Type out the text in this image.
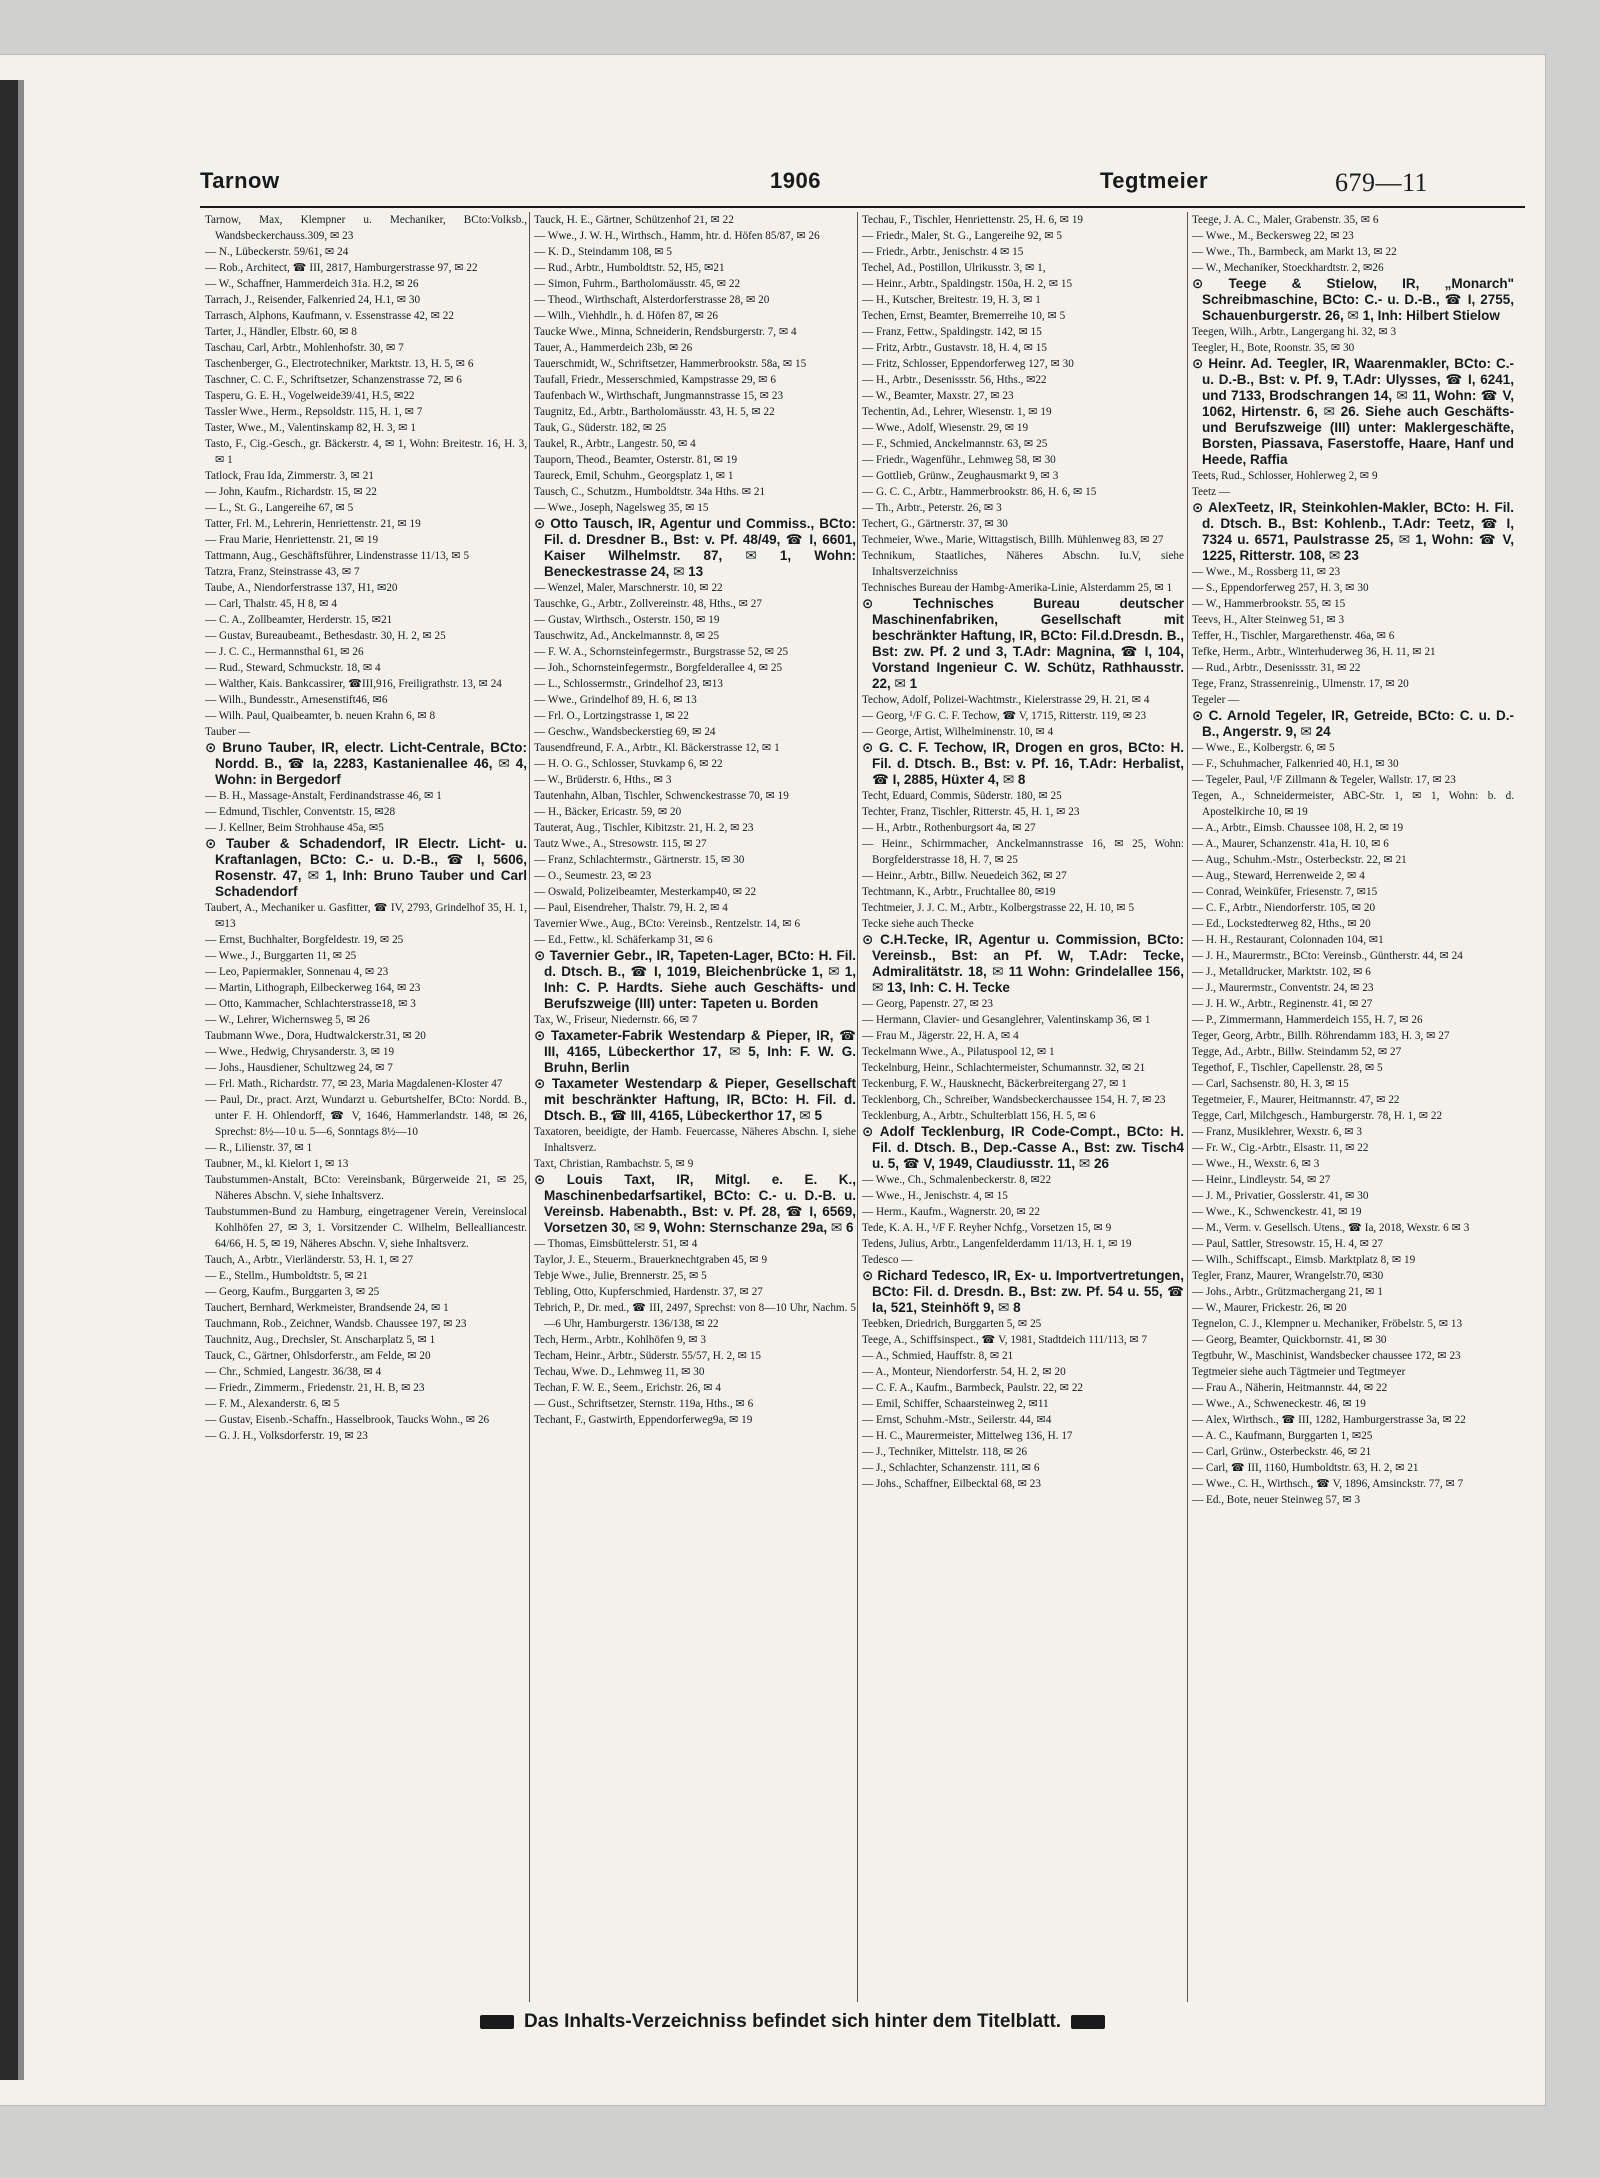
Tarnow	1906	Tegtmeier	679—11

Tarnow, Max, Klempner u. Mechaniker, BCto:Volksb., Wandsbeckerchauss.309, ✉ 23

— N., Lübeckerstr. 59/61, ✉ 24

— Rob., Architect, ☎ III, 2817, Hamburgerstrasse 97, ✉ 22

— W., Schaffner, Hammerdeich 31a. H.2, ✉ 26

Tarrach, J., Reisender, Falkenried 24, H.1, ✉ 30

Tarrasch, Alphons, Kaufmann, v. Essenstrasse 42, ✉ 22

Tarter, J., Händler, Elbstr. 60, ✉ 8

Taschau, Carl, Arbtr., Mohlenhofstr. 30, ✉ 7

Taschenberger, G., Electrotechniker, Marktstr. 13, H. 5, ✉ 6

Taschner, C. C. F., Schriftsetzer, Schanzenstrasse 72, ✉ 6

Tasperu, G. E. H., Vogelweide39/41, H.5, ✉22

Tassler Wwe., Herm., Repsoldstr. 115, H. 1, ✉ 7

Taster, Wwe., M., Valentinskamp 82, H. 3, ✉ 1

Tasto, F., Cig.-Gesch., gr. Bäckerstr. 4, ✉ 1, Wohn: Breitestr. 16, H. 3, ✉ 1

Tatlock, Frau Ida, Zimmerstr. 3, ✉ 21

— John, Kaufm., Richardstr. 15, ✉ 22

— L., St. G., Langereihe 67, ✉ 5

Tatter, Frl. M., Lehrerin, Henriettenstr. 21, ✉ 19

— Frau Marie, Henriettenstr. 21, ✉ 19

Tattmann, Aug., Geschäftsführer, Lindenstrasse 11/13, ✉ 5

Tatzra, Franz, Steinstrasse 43, ✉ 7

Taube, A., Niendorferstrasse 137, H1, ✉20

— Carl, Thalstr. 45, H 8, ✉ 4

— C. A., Zollbeamter, Herderstr. 15, ✉21

— Gustav, Bureaubeamt., Bethesdastr. 30, H. 2, ✉ 25

— J. C. C., Hermannsthal 61, ✉ 26

— Rud., Steward, Schmuckstr. 18, ✉ 4

— Walther, Kais. Bankcassirer, ☎III,916, Freiligrathstr. 13, ✉ 24

— Wilh., Bundesstr., Arnesenstift46, ✉6

— Wilh. Paul, Quaibeamter, b. neuen Krahn 6, ✉ 8

Tauber —

⊙ Bruno Tauber, IR, electr. Licht-Centrale, BCto: Nordd. B., ☎ Ia, 2283, Kastanienallee 46, ✉ 4, Wohn: in Bergedorf

— B. H., Massage-Anstalt, Ferdinandstrasse 46, ✉ 1

— Edmund, Tischler, Conventstr. 15, ✉28

— J. Kellner, Beim Strohhause 45a, ✉5

⊙ Tauber & Schadendorf, IR Electr. Licht- u. Kraftanlagen, BCto: C.- u. D.-B., ☎ I, 5606, Rosenstr. 47, ✉ 1, Inh: Bruno Tauber und Carl Schadendorf

Taubert, A., Mechaniker u. Gasfitter, ☎ IV, 2793, Grindelhof 35, H. 1, ✉13

— Ernst, Buchhalter, Borgfeldestr. 19, ✉ 25

— Wwe., J., Burggarten 11, ✉ 25

— Leo, Papiermakler, Sonnenau 4, ✉ 23

— Martin, Lithograph, Eilbeckerweg 164, ✉ 23

— Otto, Kammacher, Schlachterstrasse18, ✉ 3

— W., Lehrer, Wichernsweg 5, ✉ 26

Taubmann Wwe., Dora, Hudtwalckerstr.31, ✉ 20

— Wwe., Hedwig, Chrysanderstr. 3, ✉ 19

— Johs., Hausdiener, Schultzweg 24, ✉ 7

— Frl. Math., Richardstr. 77, ✉ 23, Maria Magdalenen-Kloster 47

— Paul, Dr., pract. Arzt, Wundarzt u. Geburtshelfer, BCto: Nordd. B., unter F. H. Ohlendorff, ☎ V, 1646, Hammerlandstr. 148, ✉ 26, Sprechst: 8½—10 u. 5—6, Sonntags 8½—10

— R., Lilienstr. 37, ✉ 1

Taubner, M., kl. Kielort 1, ✉ 13

Taubstummen-Anstalt, BCto: Vereinsbank, Bürgerweide 21, ✉ 25, Näheres Abschn. V, siehe Inhaltsverz.

Taubstummen-Bund zu Hamburg, eingetragener Verein, Vereinslocal Kohlhöfen 27, ✉ 3, 1. Vorsitzender C. Wilhelm, Bellealliancestr. 64/66, H. 5, ✉ 19, Näheres Abschn. V, siehe Inhaltsverz.

Tauch, A., Arbtr., Vierländerstr. 53, H. 1, ✉ 27

— E., Stellm., Humboldtstr. 5, ✉ 21

— Georg, Kaufm., Burggarten 3, ✉ 25

Tauchert, Bernhard, Werkmeister, Brandsende 24, ✉ 1

Tauchmann, Rob., Zeichner, Wandsb. Chaussee 197, ✉ 23

Tauchnitz, Aug., Drechsler, St. Anscharplatz 5, ✉ 1

Tauck, C., Gärtner, Ohlsdorferstr., am Felde, ✉ 20

— Chr., Schmied, Langestr. 36/38, ✉ 4

— Friedr., Zimmerm., Friedenstr. 21, H. B, ✉ 23

— F. M., Alexanderstr. 6, ✉ 5

— Gustav, Eisenb.-Schaffn., Hasselbrook, Taucks Wohn., ✉ 26

— G. J. H., Volksdorferstr. 19, ✉ 23

Tauck, H. E., Gärtner, Schützenhof 21, ✉ 22

— Wwe., J. W. H., Wirthsch., Hamm, htr. d. Höfen 85/87, ✉ 26

— K. D., Steindamm 108, ✉ 5

— Rud., Arbtr., Humboldtstr. 52, H5, ✉21

— Simon, Fuhrm., Bartholomäusstr. 45, ✉ 22

— Theod., Wirthschaft, Alsterdorferstrasse 28, ✉ 20

— Wilh., Viehhdlr., h. d. Höfen 87, ✉ 26

Taucke Wwe., Minna, Schneiderin, Rendsburgerstr. 7, ✉ 4

Tauer, A., Hammerdeich 23b, ✉ 26

Tauerschmidt, W., Schriftsetzer, Hammerbrookstr. 58a, ✉ 15

Taufall, Friedr., Messerschmied, Kampstrasse 29, ✉ 6

Taufenbach W., Wirthschaft, Jungmannstrasse 15, ✉ 23

Taugnitz, Ed., Arbtr., Bartholomäusstr. 43, H. 5, ✉ 22

Tauk, G., Süderstr. 182, ✉ 25

Taukel, R., Arbtr., Langestr. 50, ✉ 4

Tauporn, Theod., Beamter, Osterstr. 81, ✉ 19

Taureck, Emil, Schuhm., Georgsplatz 1, ✉ 1

Tausch, C., Schutzm., Humboldtstr. 34a Hths. ✉ 21

— Wwe., Joseph, Nagelsweg 35, ✉ 15

⊙ Otto Tausch, IR, Agentur und Commiss., BCto: Fil. d. Dresdner B., Bst: v. Pf. 48/49, ☎ I, 6601, Kaiser Wilhelmstr. 87, ✉ 1, Wohn: Beneckestrasse 24, ✉ 13

— Wenzel, Maler, Marschnerstr. 10, ✉ 22

Tauschke, G., Arbtr., Zollvereinstr. 48, Hths., ✉ 27

— Gustav, Wirthsch., Osterstr. 150, ✉ 19

Tauschwitz, Ad., Anckelmannstr. 8, ✉ 25

— F. W. A., Schornsteinfegermstr., Burgstrasse 52, ✉ 25

— Joh., Schornsteinfegermstr., Borgfelderallee 4, ✉ 25

— L., Schlossermstr., Grindelhof 23, ✉13

— Wwe., Grindelhof 89, H. 6, ✉ 13

— Frl. O., Lortzingstrasse 1, ✉ 22

— Geschw., Wandsbeckerstieg 69, ✉ 24

Tausendfreund, F. A., Arbtr., Kl. Bäckerstrasse 12, ✉ 1

— H. O. G., Schlosser, Stuvkamp 6, ✉ 22

— W., Brüderstr. 6, Hths., ✉ 3

Tautenhahn, Alban, Tischler, Schwenckestrasse 70, ✉ 19

— H., Bäcker, Ericastr. 59, ✉ 20

Tauterat, Aug., Tischler, Kibitzstr. 21, H. 2, ✉ 23

Tautz Wwe., A., Stresowstr. 115, ✉ 27

— Franz, Schlachtermstr., Gärtnerstr. 15, ✉ 30

— O., Seumestr. 23, ✉ 23

— Oswald, Polizeibeamter, Mesterkamp40, ✉ 22

— Paul, Eisendreher, Thalstr. 79, H. 2, ✉ 4

Tavernier Wwe., Aug., BCto: Vereinsb., Rentzelstr. 14, ✉ 6

— Ed., Fettw., kl. Schäferkamp 31, ✉ 6

⊙ Tavernier Gebr., IR, Tapeten-Lager, BCto: H. Fil. d. Dtsch. B., ☎ I, 1019, Bleichenbrücke 1, ✉ 1, Inh: C. P. Hardts. Siehe auch Geschäfts- und Berufszweige (III) unter: Tapeten u. Borden

Tax, W., Friseur, Niedernstr. 66, ✉ 7

⊙ Taxameter-Fabrik Westendarp & Pieper, IR, ☎ III, 4165, Lübeckerthor 17, ✉ 5, Inh: F. W. G. Bruhn, Berlin

⊙ Taxameter Westendarp & Pieper, Gesellschaft mit beschränkter Haftung, IR, BCto: H. Fil. d. Dtsch. B., ☎ III, 4165, Lübeckerthor 17, ✉ 5

Taxatoren, beeidigte, der Hamb. Feuercasse, Näheres Abschn. I, siehe Inhaltsverz.

Taxt, Christian, Rambachstr. 5, ✉ 9

⊙ Louis Taxt, IR, Mitgl. e. E. K., Maschinenbedarfsartikel, BCto: C.- u. D.-B. u. Vereinsb. Habenabth., Bst: v. Pf. 28, ☎ I, 6569, Vorsetzen 30, ✉ 9, Wohn: Sternschanze 29a, ✉ 6

— Thomas, Eimsbüttelerstr. 51, ✉ 4

Taylor, J. E., Steuerm., Brauerknechtgraben 45, ✉ 9

Tebje Wwe., Julie, Brennerstr. 25, ✉ 5

Tebling, Otto, Kupferschmied, Hardenstr. 37, ✉ 27

Tebrich, P., Dr. med., ☎ III, 2497, Sprechst: von 8—10 Uhr, Nachm. 5—6 Uhr, Hamburgerstr. 136/138, ✉ 22

Tech, Herm., Arbtr., Kohlhöfen 9, ✉ 3

Techam, Heinr., Arbtr., Süderstr. 55/57, H. 2, ✉ 15

Techau, Wwe. D., Lehmweg 11, ✉ 30

Techan, F. W. E., Seem., Erichstr. 26, ✉ 4

— Gust., Schriftsetzer, Sternstr. 119a, Hths., ✉ 6

Techant, F., Gastwirth, Eppendorferweg9a, ✉ 19

Techau, F., Tischler, Henriettenstr. 25, H. 6, ✉ 19

— Friedr., Maler, St. G., Langereihe 92, ✉ 5

— Friedr., Arbtr., Jenischstr. 4 ✉ 15

Techel, Ad., Postillon, Ulrikusstr. 3, ✉ 1,

— Heinr., Arbtr., Spaldingstr. 150a, H. 2, ✉ 15

— H., Kutscher, Breitestr. 19, H. 3, ✉ 1

Techen, Ernst, Beamter, Bremerreihe 10, ✉ 5

— Franz, Fettw., Spaldingstr. 142, ✉ 15

— Fritz, Arbtr., Gustavstr. 18, H. 4, ✉ 15

— Fritz, Schlosser, Eppendorferweg 127, ✉ 30

— H., Arbtr., Desenissstr. 56, Hths., ✉22

— W., Beamter, Maxstr. 27, ✉ 23

Techentin, Ad., Lehrer, Wiesenstr. 1, ✉ 19

— Wwe., Adolf, Wiesenstr. 29, ✉ 19

— F., Schmied, Anckelmannstr. 63, ✉ 25

— Friedr., Wagenführ., Lehmweg 58, ✉ 30

— Gottlieb, Grünw., Zeughausmarkt 9, ✉ 3

— G. C. C., Arbtr., Hammerbrookstr. 86, H. 6, ✉ 15

— Th., Arbtr., Peterstr. 26, ✉ 3

Techert, G., Gärtnerstr. 37, ✉ 30

Techmeier, Wwe., Marie, Wittagstisch, Billh. Mühlenweg 83, ✉ 27

Technikum, Staatliches, Näheres Abschn. Iu.V, siehe Inhaltsverzeichniss

Technisches Bureau der Hambg-Amerika-Linie, Alsterdamm 25, ✉ 1

⊙ Technisches Bureau deutscher Maschinenfabriken, Gesellschaft mit beschränkter Haftung, IR, BCto: Fil.d.Dresdn. B., Bst: zw. Pf. 2 und 3, T.Adr: Magnina, ☎ I, 104, Vorstand Ingenieur C. W. Schütz, Rathhausstr. 22, ✉ 1

Techow, Adolf, Polizei-Wachtmstr., Kielerstrasse 29, H. 21, ✉ 4

— Georg, ¹/F G. C. F. Techow, ☎ V, 1715, Ritterstr. 119, ✉ 23

— George, Artist, Wilhelminenstr. 10, ✉ 4

⊙ G. C. F. Techow, IR, Drogen en gros, BCto: H. Fil. d. Dtsch. B., Bst: v. Pf. 16, T.Adr: Herbalist, ☎ I, 2885, Hüxter 4, ✉ 8

Techt, Eduard, Commis, Süderstr. 180, ✉ 25

Techter, Franz, Tischler, Ritterstr. 45, H. 1, ✉ 23

— H., Arbtr., Rothenburgsort 4a, ✉ 27

— Heinr., Schirmmacher, Anckelmannstrasse 16, ✉ 25, Wohn: Borgfelderstrasse 18, H. 7, ✉ 25

— Heinr., Arbtr., Billw. Neuedeich 362, ✉ 27

Techtmann, K., Arbtr., Fruchtallee 80, ✉19

Techtmeier, J. J. C. M., Arbtr., Kolbergstrasse 22, H. 10, ✉ 5

Tecke siehe auch Thecke

⊙ C.H.Tecke, IR, Agentur u. Commission, BCto: Vereinsb., Bst: an Pf. W, T.Adr: Tecke, Admiralitätstr. 18, ✉ 11 Wohn: Grindelallee 156, ✉ 13, Inh: C. H. Tecke

— Georg, Papenstr. 27, ✉ 23

— Hermann, Clavier- und Gesanglehrer, Valentinskamp 36, ✉ 1

— Frau M., Jägerstr. 22, H. A, ✉ 4

Teckelmann Wwe., A., Pilatuspool 12, ✉ 1

Teckelnburg, Heinr., Schlachtermeister, Schumannstr. 32, ✉ 21

Teckenburg, F. W., Hausknecht, Bäckerbreitergang 27, ✉ 1

Tecklenborg, Ch., Schreiber, Wandsbeckerchaussee 154, H. 7, ✉ 23

Tecklenburg, A., Arbtr., Schulterblatt 156, H. 5, ✉ 6

⊙ Adolf Tecklenburg, IR Code-Compt., BCto: H. Fil. d. Dtsch. B., Dep.-Casse A., Bst: zw. Tisch4 u. 5, ☎ V, 1949, Claudiusstr. 11, ✉ 26

— Wwe., Ch., Schmalenbeckerstr. 8, ✉22

— Wwe., H., Jenischstr. 4, ✉ 15

— Herm., Kaufm., Wagnerstr. 20, ✉ 22

Tede, K. A. H., ¹/F F. Reyher Nchfg., Vorsetzen 15, ✉ 9

Tedens, Julius, Arbtr., Langenfelderdamm 11/13, H. 1, ✉ 19

Tedesco —

⊙ Richard Tedesco, IR, Ex- u. Importvertretungen, BCto: Fil. d. Dresdn. B., Bst: zw. Pf. 54 u. 55, ☎ Ia, 521, Steinhöft 9, ✉ 8

Teebken, Driedrich, Burggarten 5, ✉ 25

Teege, A., Schiffsinspect., ☎ V, 1981, Stadtdeich 111/113, ✉ 7

— A., Schmied, Hauffstr. 8, ✉ 21

— A., Monteur, Niendorferstr. 54, H. 2, ✉ 20

— C. F. A., Kaufm., Barmbeck, Paulstr. 22, ✉ 22

— Emil, Schiffer, Schaarsteinweg 2, ✉11

— Ernst, Schuhm.-Mstr., Seilerstr. 44, ✉4

— H. C., Maurermeister, Mittelweg 136, H. 17

— J., Techniker, Mittelstr. 118, ✉ 26

— J., Schlachter, Schanzenstr. 111, ✉ 6

— Johs., Schaffner, Eilbecktal 68, ✉ 23

Teege, J. A. C., Maler, Grabenstr. 35, ✉ 6

— Wwe., M., Beckersweg 22, ✉ 23

— Wwe., Th., Barmbeck, am Markt 13, ✉ 22

— W., Mechaniker, Stoeckhardtstr. 2, ✉26

⊙ Teege & Stielow, IR, „Monarch" Schreibmaschine, BCto: C.- u. D.-B., ☎ I, 2755, Schauenburgerstr. 26, ✉ 1, Inh: Hilbert Stielow

Teegen, Wilh., Arbtr., Langergang hi. 32, ✉ 3

Teegler, H., Bote, Roonstr. 35, ✉ 30

⊙ Heinr. Ad. Teegler, IR, Waarenmakler, BCto: C.- u. D.-B., Bst: v. Pf. 9, T.Adr: Ulysses, ☎ I, 6241, und 7133, Brodschrangen 14, ✉ 11, Wohn: ☎ V, 1062, Hirtenstr. 6, ✉ 26. Siehe auch Geschäfts- und Berufszweige (III) unter: Maklergeschäfte, Borsten, Piassava, Faserstoffe, Haare, Hanf und Heede, Raffia

Teets, Rud., Schlosser, Hohlerweg 2, ✉ 9

Teetz —

⊙ AlexTeetz, IR, Steinkohlen-Makler, BCto: H. Fil. d. Dtsch. B., Bst: Kohlenb., T.Adr: Teetz, ☎ I, 7324 u. 6571, Paulstrasse 25, ✉ 1, Wohn: ☎ V, 1225, Ritterstr. 108, ✉ 23

— Wwe., M., Rossberg 11, ✉ 23

— S., Eppendorferweg 257, H. 3, ✉ 30

— W., Hammerbrookstr. 55, ✉ 15

Teevs, H., Alter Steinweg 51, ✉ 3

Teffer, H., Tischler, Margarethenstr. 46a, ✉ 6

Tefke, Herm., Arbtr., Winterhuderweg 36, H. 11, ✉ 21

— Rud., Arbtr., Desenissstr. 31, ✉ 22

Tege, Franz, Strassenreinig., Ulmenstr. 17, ✉ 20

Tegeler —

⊙ C. Arnold Tegeler, IR, Getreide, BCto: C. u. D.-B., Angerstr. 9, ✉ 24

— Wwe., E., Kolbergstr. 6, ✉ 5

— F., Schuhmacher, Falkenried 40, H.1, ✉ 30

— Tegeler, Paul, ¹/F Zillmann & Tegeler, Wallstr. 17, ✉ 23

Tegen, A., Schneidermeister, ABC-Str. 1, ✉ 1, Wohn: b. d. Apostelkirche 10, ✉ 19

— A., Arbtr., Eimsb. Chaussee 108, H. 2, ✉ 19

— A., Maurer, Schanzenstr. 41a, H. 10, ✉ 6

— Aug., Schuhm.-Mstr., Osterbeckstr. 22, ✉ 21

— Aug., Steward, Herrenweide 2, ✉ 4

— Conrad, Weinküfer, Friesenstr. 7, ✉15

— C. F., Arbtr., Niendorferstr. 105, ✉ 20

— Ed., Lockstedterweg 82, Hths., ✉ 20

— H. H., Restaurant, Colonnaden 104, ✉1

— J. H., Maurermstr., BCto: Vereinsb., Güntherstr. 44, ✉ 24

— J., Metalldrucker, Marktstr. 102, ✉ 6

— J., Maurermstr., Conventstr. 24, ✉ 23

— J. H. W., Arbtr., Reginenstr. 41, ✉ 27

— P., Zimmermann, Hammerdeich 155, H. 7, ✉ 26

Teger, Georg, Arbtr., Billh. Röhrendamm 183, H. 3, ✉ 27

Tegge, Ad., Arbtr., Billw. Steindamm 52, ✉ 27

Tegethof, F., Tischler, Capellenstr. 28, ✉ 5

— Carl, Sachsenstr. 80, H. 3, ✉ 15

Tegetmeier, F., Maurer, Heitmannstr. 47, ✉ 22

Tegge, Carl, Milchgesch., Hamburgerstr. 78, H. 1, ✉ 22

— Franz, Musiklehrer, Wexstr. 6, ✉ 3

— Fr. W., Cig.-Arbtr., Elsastr. 11, ✉ 22

— Wwe., H., Wexstr. 6, ✉ 3

— Heinr., Lindleystr. 54, ✉ 27

— J. M., Privatier, Gosslerstr. 41, ✉ 30

— Wwe., K., Schwenckestr. 41, ✉ 19

— M., Verm. v. Gesellsch. Utens., ☎ Ia, 2018, Wexstr. 6 ✉ 3

— Paul, Sattler, Stresowstr. 15, H. 4, ✉ 27

— Wilh., Schiffscapt., Eimsb. Marktplatz 8, ✉ 19

Tegler, Franz, Maurer, Wrangelstr.70, ✉30

— Johs., Arbtr., Grützmachergang 21, ✉ 1

— W., Maurer, Frickestr. 26, ✉ 20

Tegnelon, C. J., Klempner u. Mechaniker, Fröbelstr. 5, ✉ 13

— Georg, Beamter, Quickbornstr. 41, ✉ 30

Tegtbuhr, W., Maschinist, Wandsbecker chaussee 172, ✉ 23

Tegtmeier siehe auch Tägtmeier und Tegtmeyer

— Frau A., Näherin, Heitmannstr. 44, ✉ 22

— Wwe., A., Schweneckestr. 46, ✉ 19

— Alex, Wirthsch., ☎ III, 1282, Hamburgerstrasse 3a, ✉ 22

— A. C., Kaufmann, Burggarten 1, ✉25

— Carl, Grünw., Osterbeckstr. 46, ✉ 21

— Carl, ☎ III, 1160, Humboldtstr. 63, H. 2, ✉ 21

— Wwe., C. H., Wirthsch., ☎ V, 1896, Amsinckstr. 77, ✉ 7

— Ed., Bote, neuer Steinweg 57, ✉ 3

Das Inhalts-Verzeichniss befindet sich hinter dem Titelblatt.
